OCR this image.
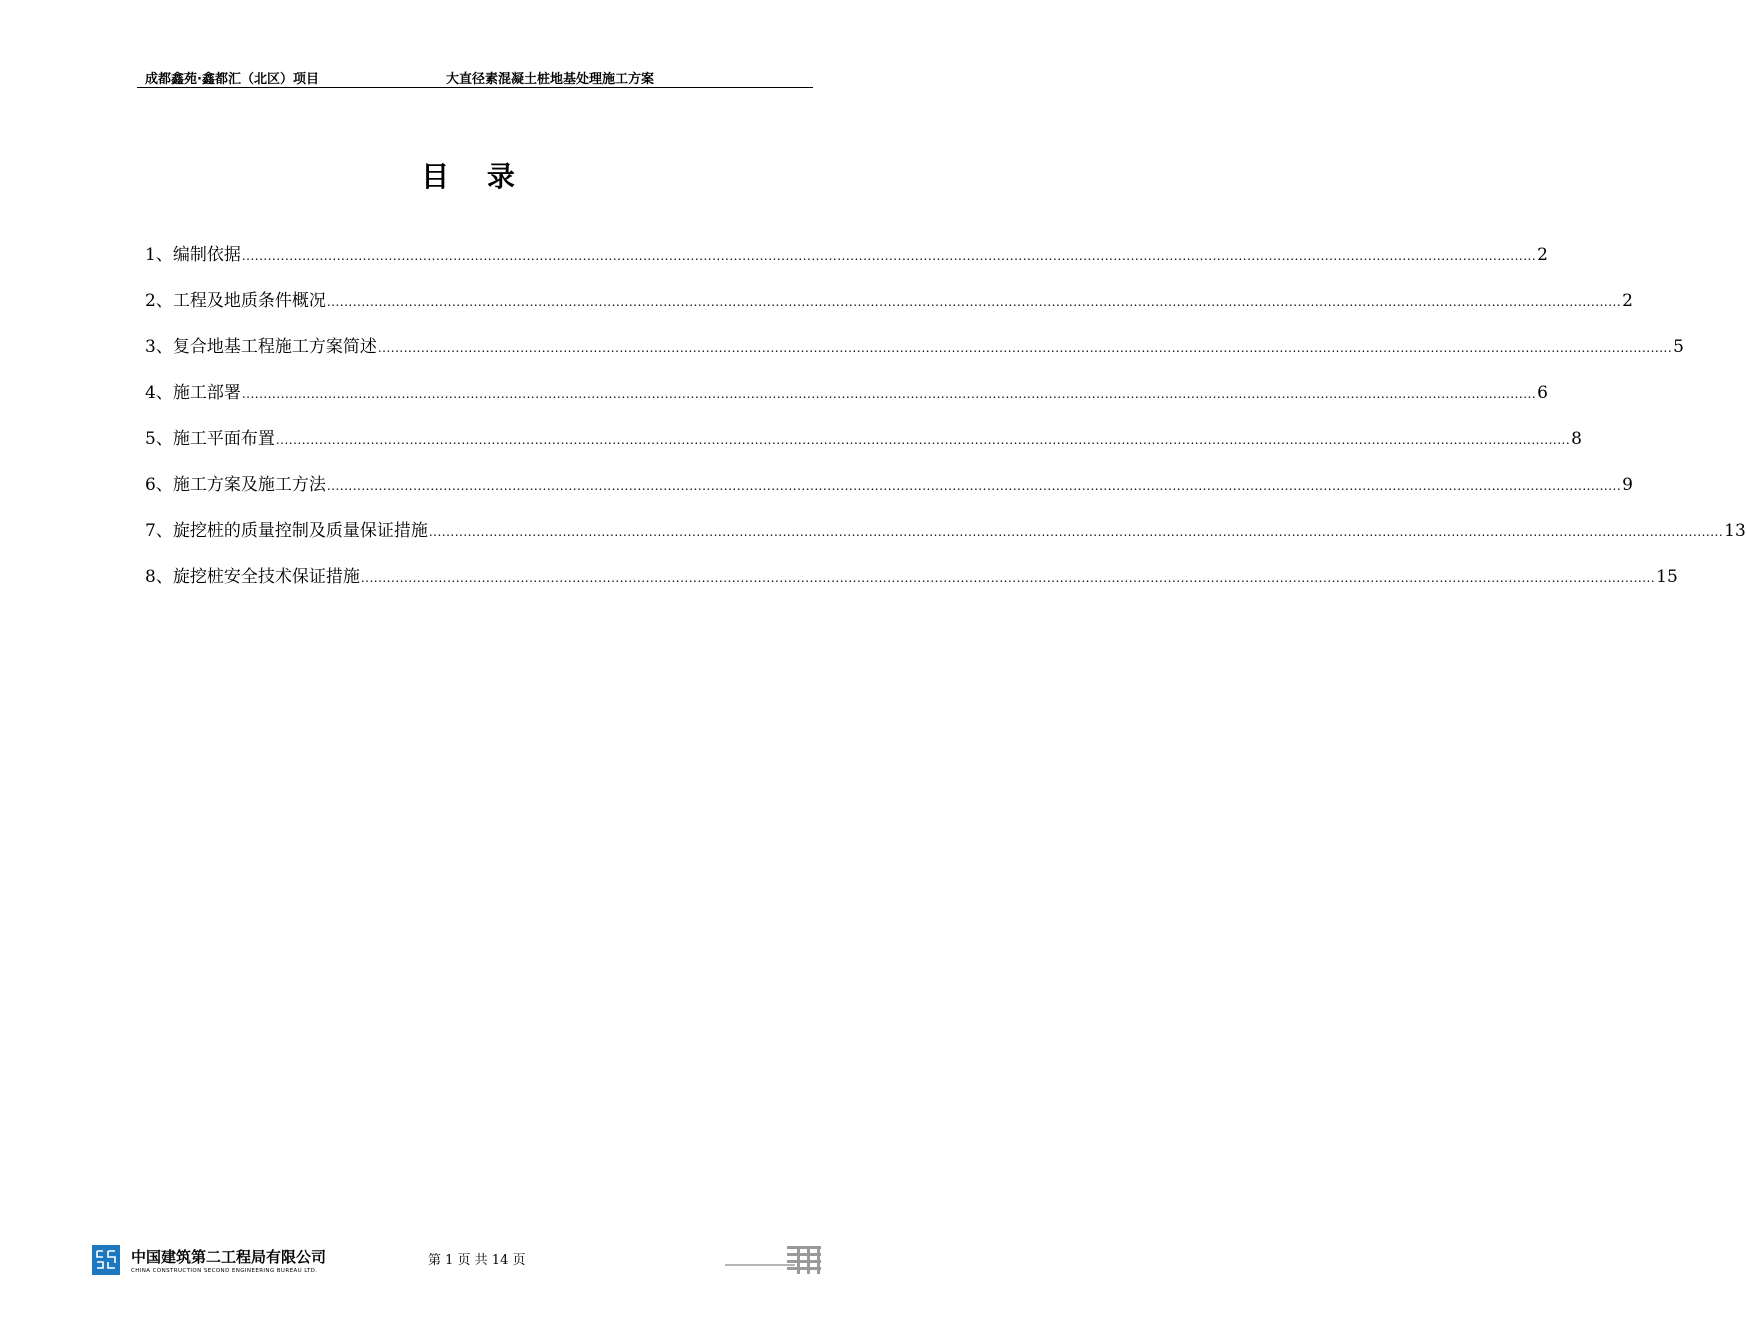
成都鑫苑·鑫都汇（北区）项目	大直径素混凝土桩地基处理施工方案
目 录
1、 编制依据 ............................................................................................................................................................................................................................................................................................................ 2
2、 工程及地质条件概况 ............................................................................................................................................................................................................................................................................................................ 2
3、 复合地基工程施工方案简述 ............................................................................................................................................................................................................................................................................................................ 5
4、 施工部署 ............................................................................................................................................................................................................................................................................................................ 6
5、 施工平面布置 ............................................................................................................................................................................................................................................................................................................ 8
6、 施工方案及施工方法 ............................................................................................................................................................................................................................................................................................................ 9
7、 旋挖桩的质量控制及质量保证措施 ............................................................................................................................................................................................................................................................................................................ 13
8、 旋挖桩安全技术保证措施 ............................................................................................................................................................................................................................................................................................................ 15
中国建筑第二工程局有限公司
CHINA CONSTRUCTION SECOND ENGINEERING BUREAU LTD.
第 1 页 共 14 页
